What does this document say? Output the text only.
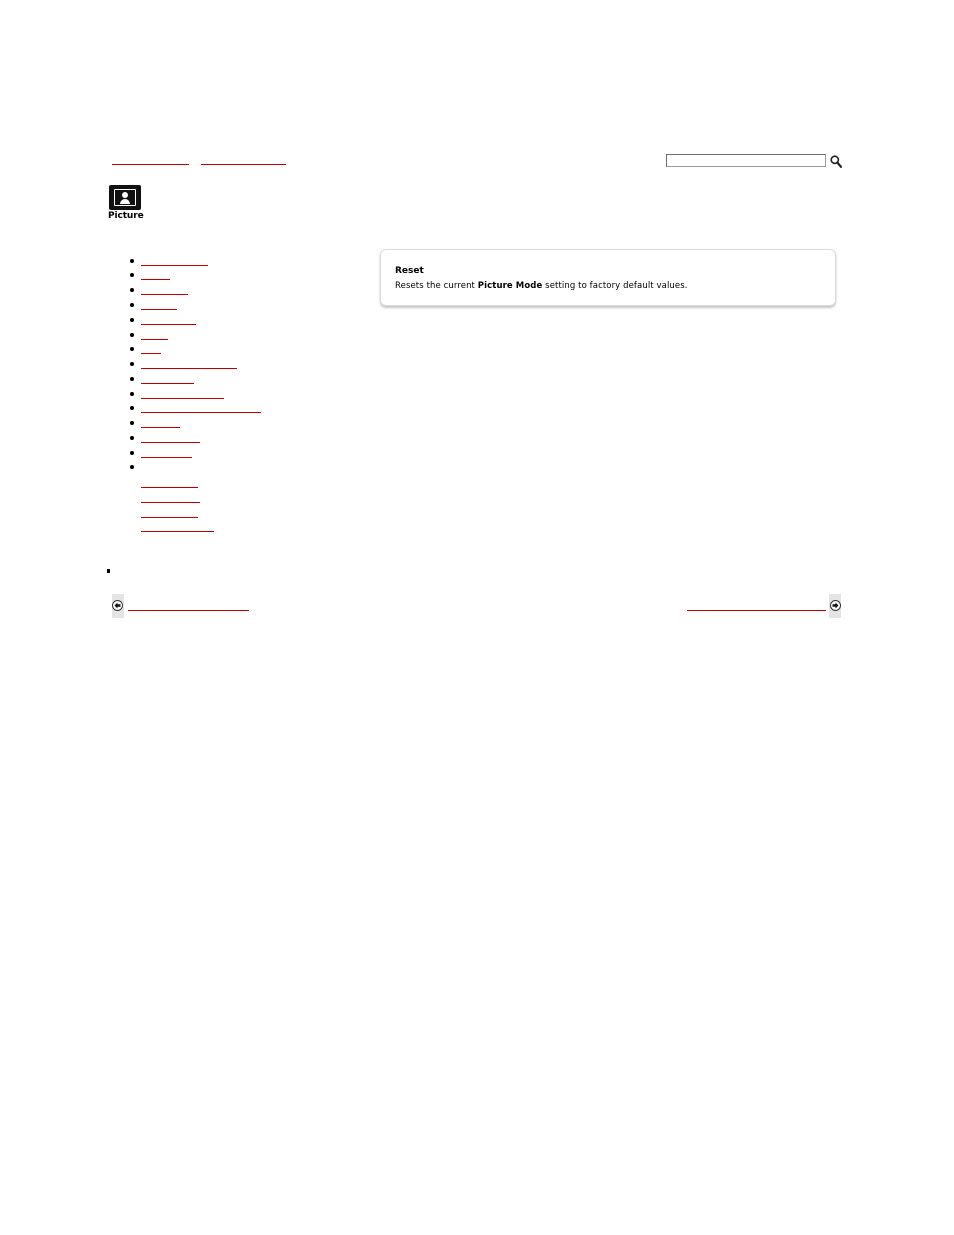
Picture
Reset
Resets the current Picture Mode setting to factory default values.
